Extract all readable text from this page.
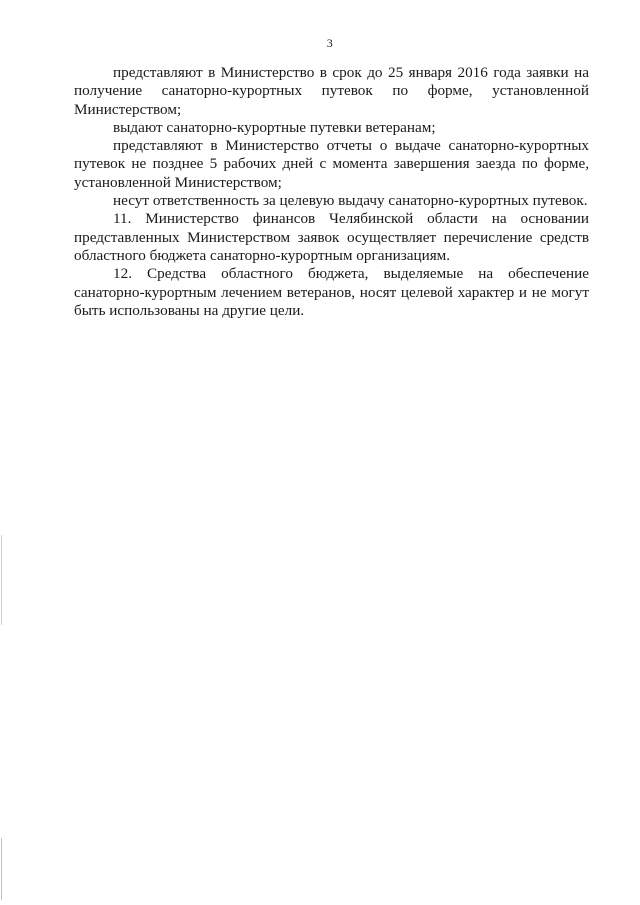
3

представляют в Министерство в срок до 25 января 2016 года заявки на получение санаторно-курортных путевок по форме, установленной Министерством;

выдают санаторно-курортные путевки ветеранам;

представляют в Министерство отчеты о выдаче санаторно-курортных путевок не позднее 5 рабочих дней с момента завершения заезда по форме, установленной Министерством;

несут ответственность за целевую выдачу санаторно-курортных путевок.

11. Министерство финансов Челябинской области на основании представленных Министерством заявок осуществляет перечисление средств областного бюджета санаторно-курортным организациям.

12. Средства областного бюджета, выделяемые на обеспечение санаторно-курортным лечением ветеранов, носят целевой характер и не могут быть использованы на другие цели.
